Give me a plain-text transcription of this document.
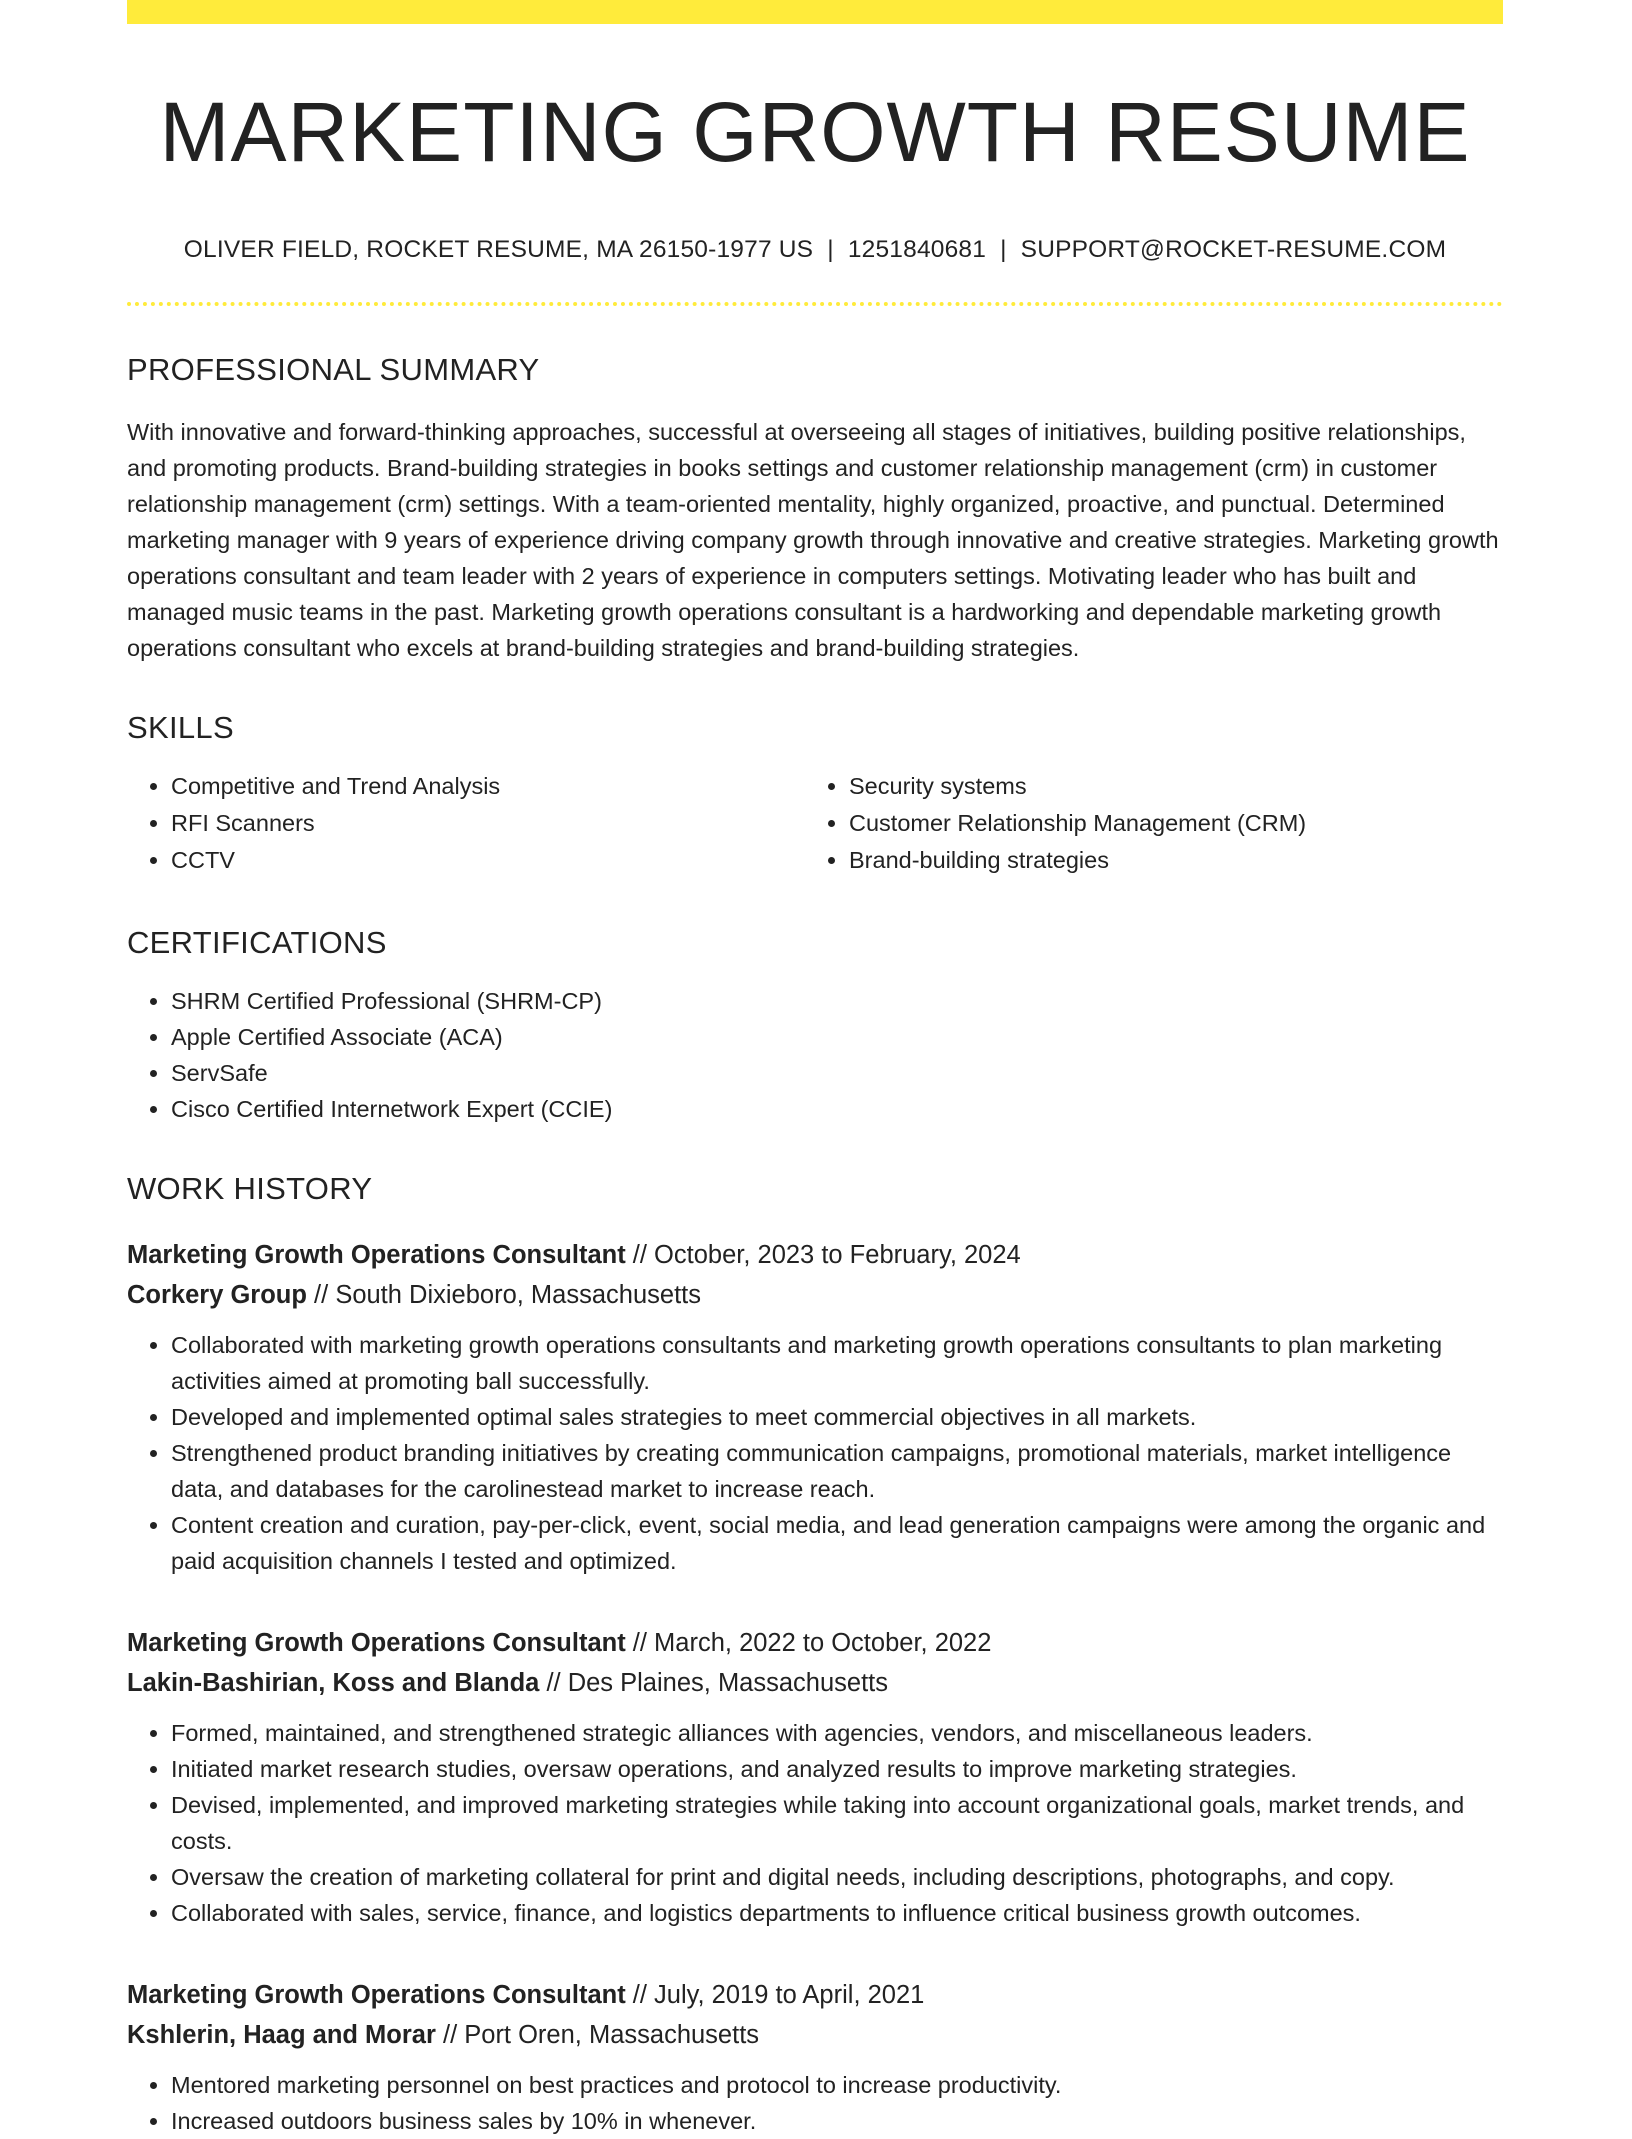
MARKETING GROWTH RESUME
OLIVER FIELD, ROCKET RESUME, MA 26150-1977 US | 1251840681 | SUPPORT@ROCKET-RESUME.COM
PROFESSIONAL SUMMARY

With innovative and forward-thinking approaches, successful at overseeing all stages of initiatives, building positive relationships, and promoting products. Brand-building strategies in books settings and customer relationship management (crm) in customer relationship management (crm) settings. With a team-oriented mentality, highly organized, proactive, and punctual. Determined marketing manager with 9 years of experience driving company growth through innovative and creative strategies. Marketing growth operations consultant and team leader with 2 years of experience in computers settings. Motivating leader who has built and managed music teams in the past. Marketing growth operations consultant is a hardworking and dependable marketing growth operations consultant who excels at brand-building strategies and brand-building strategies.

SKILLS
• Competitive and Trend Analysis
• RFI Scanners
• CCTV
• Security systems
• Customer Relationship Management (CRM)
• Brand-building strategies
CERTIFICATIONS
• SHRM Certified Professional (SHRM-CP)
• Apple Certified Associate (ACA)
• ServSafe
• Cisco Certified Internetwork Expert (CCIE)
WORK HISTORY
Marketing Growth Operations Consultant // October, 2023 to February, 2024
Corkery Group // South Dixieboro, Massachusetts
• Collaborated with marketing growth operations consultants and marketing growth operations consultants to plan marketing activities aimed at promoting ball successfully.
• Developed and implemented optimal sales strategies to meet commercial objectives in all markets.
• Strengthened product branding initiatives by creating communication campaigns, promotional materials, market intelligence data, and databases for the carolinestead market to increase reach.
• Content creation and curation, pay-per-click, event, social media, and lead generation campaigns were among the organic and paid acquisition channels I tested and optimized.
Marketing Growth Operations Consultant // March, 2022 to October, 2022
Lakin-Bashirian, Koss and Blanda // Des Plaines, Massachusetts
• Formed, maintained, and strengthened strategic alliances with agencies, vendors, and miscellaneous leaders.
• Initiated market research studies, oversaw operations, and analyzed results to improve marketing strategies.
• Devised, implemented, and improved marketing strategies while taking into account organizational goals, market trends, and costs.
• Oversaw the creation of marketing collateral for print and digital needs, including descriptions, photographs, and copy.
• Collaborated with sales, service, finance, and logistics departments to influence critical business growth outcomes.
Marketing Growth Operations Consultant // July, 2019 to April, 2021
Kshlerin, Haag and Morar // Port Oren, Massachusetts
• Mentored marketing personnel on best practices and protocol to increase productivity.
• Increased outdoors business sales by 10% in whenever.
